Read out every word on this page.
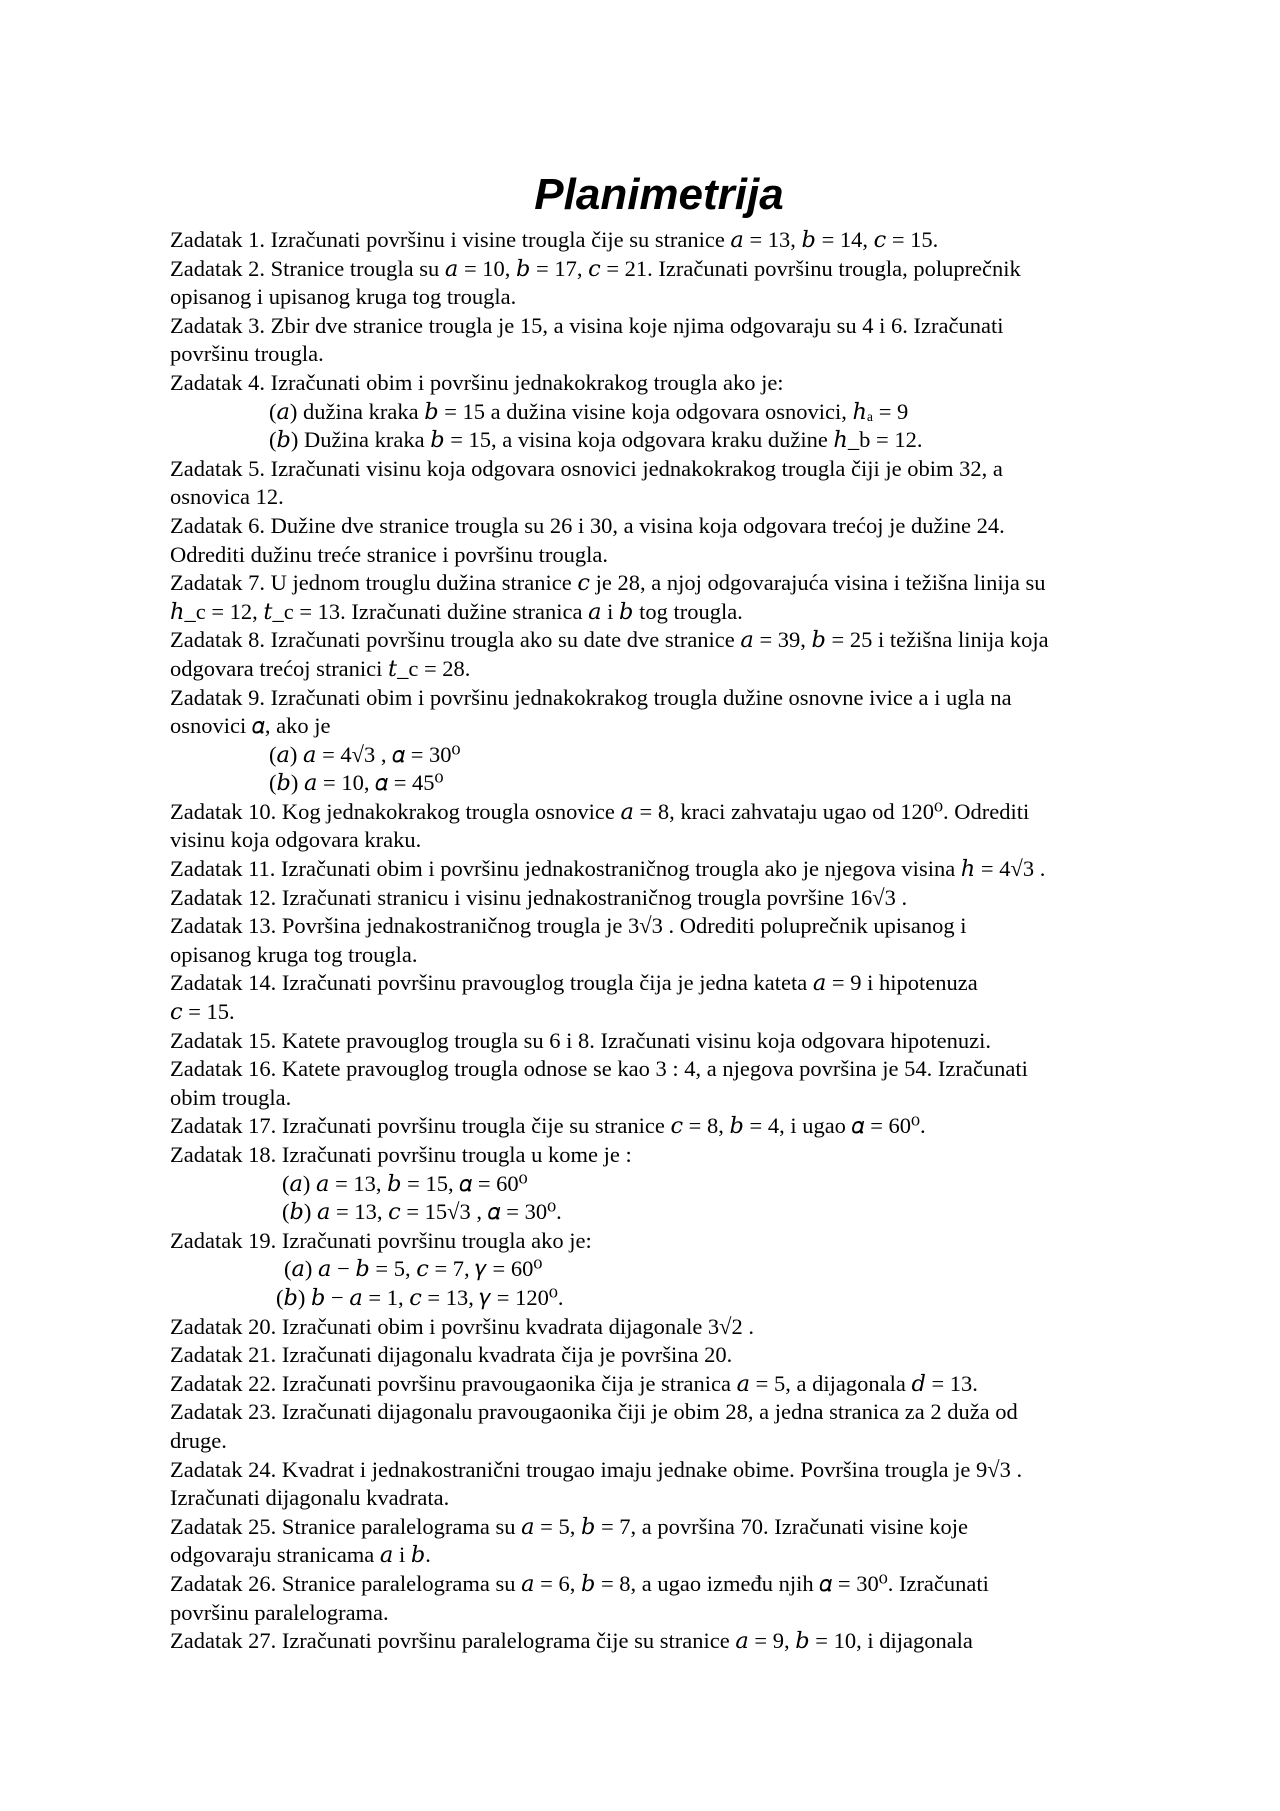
Planimetrija
Zadatak 1. Izračunati površinu i visine trougla čije su stranice 𝑎 = 13, 𝑏 = 14, 𝑐 = 15.
Zadatak 2. Stranice trougla su 𝑎 = 10, 𝑏 = 17, 𝑐 = 21. Izračunati površinu trougla, poluprečnik
opisanog i upisanog kruga tog trougla.
Zadatak 3. Zbir dve stranice trougla je 15, a visina koje njima odgovaraju su 4 i 6. Izračunati
površinu trougla.
Zadatak 4. Izračunati obim i površinu jednakokrakog trougla ako je:
(𝑎) dužina kraka 𝑏 = 15 a dužina visine koja odgovara osnovici, ℎₐ = 9
(𝑏) Dužina kraka 𝑏 = 15, a visina koja odgovara kraku dužine ℎ_b = 12.
Zadatak 5. Izračunati visinu koja odgovara osnovici jednakokrakog trougla čiji je obim 32, a
osnovica 12.
Zadatak 6. Dužine dve stranice trougla su 26 i 30, a visina koja odgovara trećoj je dužine 24.
Odrediti dužinu treće stranice i površinu trougla.
Zadatak 7. U jednom trouglu dužina stranice 𝑐 je 28, a njoj odgovarajuća visina i težišna linija su
ℎ_c = 12, 𝑡_c = 13. Izračunati dužine stranica 𝑎 i 𝑏 tog trougla.
Zadatak 8. Izračunati površinu trougla ako su date dve stranice 𝑎 = 39, 𝑏 = 25 i težišna linija koja
odgovara trećoj stranici 𝑡_c = 28.
Zadatak 9. Izračunati obim i površinu jednakokrakog trougla dužine osnovne ivice a i ugla na
osnovici 𝛼, ako je
(𝑎) 𝑎 = 4√3 , 𝛼 = 30⁰
(𝑏) 𝑎 = 10, 𝛼 = 45⁰
Zadatak 10. Kog jednakokrakog trougla osnovice 𝑎 = 8, kraci zahvataju ugao od 120⁰. Odrediti
visinu koja odgovara kraku.
Zadatak 11. Izračunati obim i površinu jednakostraničnog trougla ako je njegova visina ℎ = 4√3 .
Zadatak 12. Izračunati stranicu i visinu jednakostraničnog trougla površine 16√3 .
Zadatak 13. Površina jednakostraničnog trougla je 3√3 . Odrediti poluprečnik upisanog i
opisanog kruga tog trougla.
Zadatak 14. Izračunati površinu pravouglog trougla čija je jedna kateta 𝑎 = 9 i hipotenuza
𝑐 = 15.
Zadatak 15. Katete pravouglog trougla su 6 i 8. Izračunati visinu koja odgovara hipotenuzi.
Zadatak 16. Katete pravouglog trougla odnose se kao 3 : 4, a njegova površina je 54. Izračunati
obim trougla.
Zadatak 17. Izračunati površinu trougla čije su stranice 𝑐 = 8, 𝑏 = 4, i ugao 𝛼 = 60⁰.
Zadatak 18. Izračunati površinu trougla u kome je :
(𝑎) 𝑎 = 13, 𝑏 = 15, 𝛼 = 60⁰
(𝑏) 𝑎 = 13, 𝑐 = 15√3 , 𝛼 = 30⁰.
Zadatak 19. Izračunati površinu trougla ako je:
(𝑎) 𝑎 − 𝑏 = 5, 𝑐 = 7, 𝛾 = 60⁰
(𝑏) 𝑏 − 𝑎 = 1, 𝑐 = 13, 𝛾 = 120⁰.
Zadatak 20. Izračunati obim i površinu kvadrata dijagonale 3√2 .
Zadatak 21. Izračunati dijagonalu kvadrata čija je površina 20.
Zadatak 22. Izračunati površinu pravougaonika čija je stranica 𝑎 = 5, a dijagonala 𝑑 = 13.
Zadatak 23. Izračunati dijagonalu pravougaonika čiji je obim 28, a jedna stranica za 2 duža od
druge.
Zadatak 24. Kvadrat i jednakostranični trougao imaju jednake obime. Površina trougla je 9√3 .
Izračunati dijagonalu kvadrata.
Zadatak 25. Stranice paralelograma su 𝑎 = 5, 𝑏 = 7, a površina 70. Izračunati visine koje
odgovaraju stranicama 𝑎 i 𝑏.
Zadatak 26. Stranice paralelograma su 𝑎 = 6, 𝑏 = 8, a ugao između njih 𝛼 = 30⁰. Izračunati
površinu paralelograma.
Zadatak 27. Izračunati površinu paralelograma čije su stranice 𝑎 = 9, 𝑏 = 10, i dijagonala
